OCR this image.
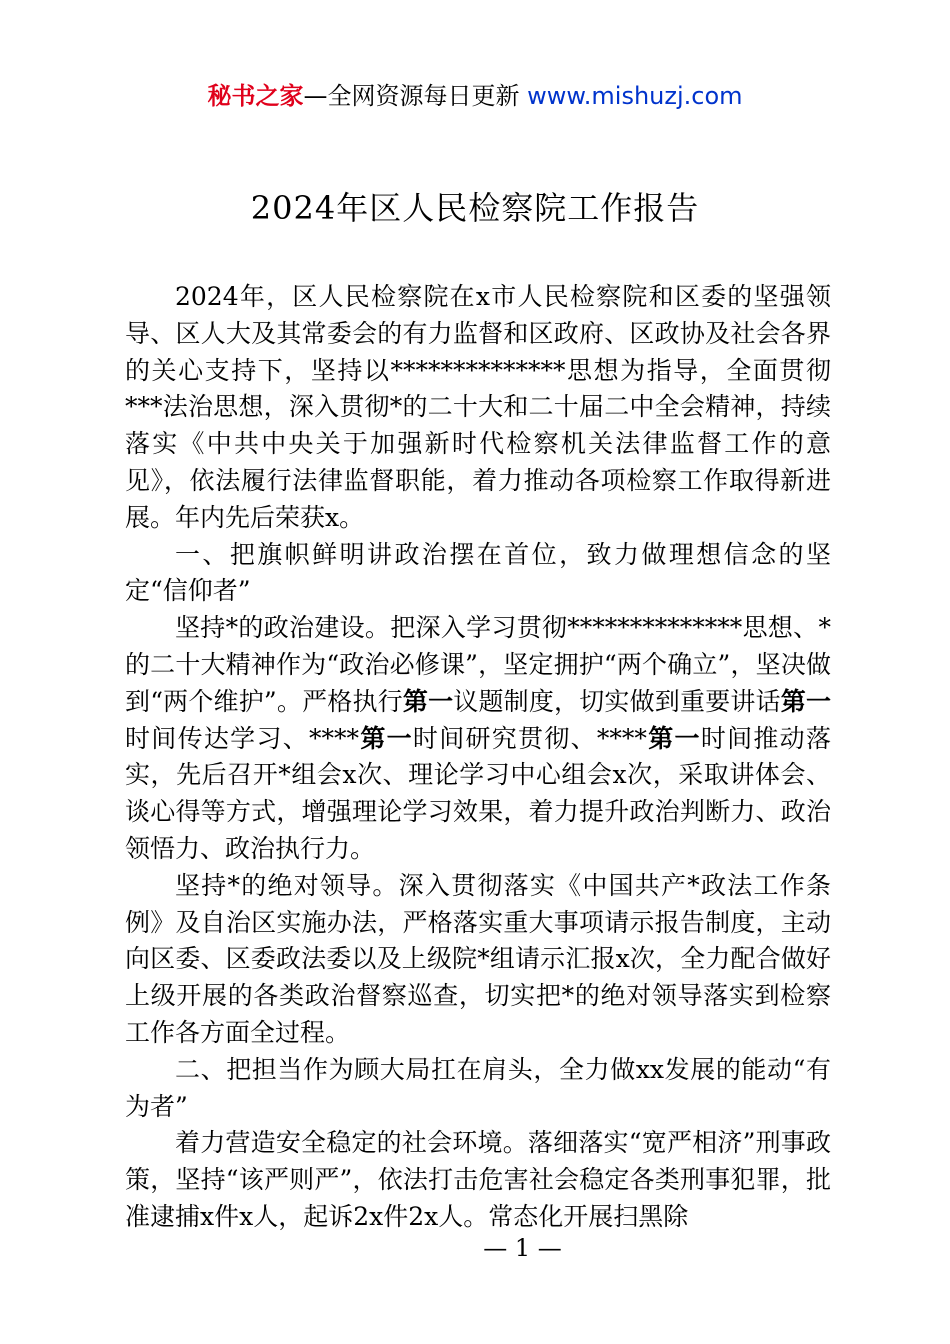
秘书之家—全网资源每日更新 www.mishuzj.com
2024年区人民检察院工作报告

2024年，区人民检察院在x市人民检察院和区委的坚强领导、区人大及其常委会的有力监督和区政府、区政协及社会各界的关心支持下，坚持以**************思想为指导，全面贯彻***法治思想，深入贯彻*的二十大和二十届二中全会精神，持续落实《中共中央关于加强新时代检察机关法律监督工作的意见》，依法履行法律监督职能，着力推动各项检察工作取得新进展。年内先后荣获x。

一、把旗帜鲜明讲政治摆在首位，致力做理想信念的坚定“信仰者”

坚持*的政治建设。把深入学习贯彻**************思想、*的二十大精神作为“政治必修课”，坚定拥护“两个确立”，坚决做到“两个维护”。严格执行第一议题制度，切实做到重要讲话第一时间传达学习、****第一时间研究贯彻、****第一时间推动落实，先后召开*组会x次、理论学习中心组会x次，采取讲体会、谈心得等方式，增强理论学习效果，着力提升政治判断力、政治领悟力、政治执行力。

坚持*的绝对领导。深入贯彻落实《中国共产*政法工作条例》及自治区实施办法，严格落实重大事项请示报告制度，主动向区委、区委政法委以及上级院*组请示汇报x次，全力配合做好上级开展的各类政治督察巡查，切实把*的绝对领导落实到检察工作各方面全过程。

二、把担当作为顾大局扛在肩头，全力做xx发展的能动“有为者”

着力营造安全稳定的社会环境。落细落实“宽严相济”刑事政策，坚持“该严则严”，依法打击危害社会稳定各类刑事犯罪，批准逮捕x件x人，起诉2x件2x人。常态化开展扫黑除

— 1 —
